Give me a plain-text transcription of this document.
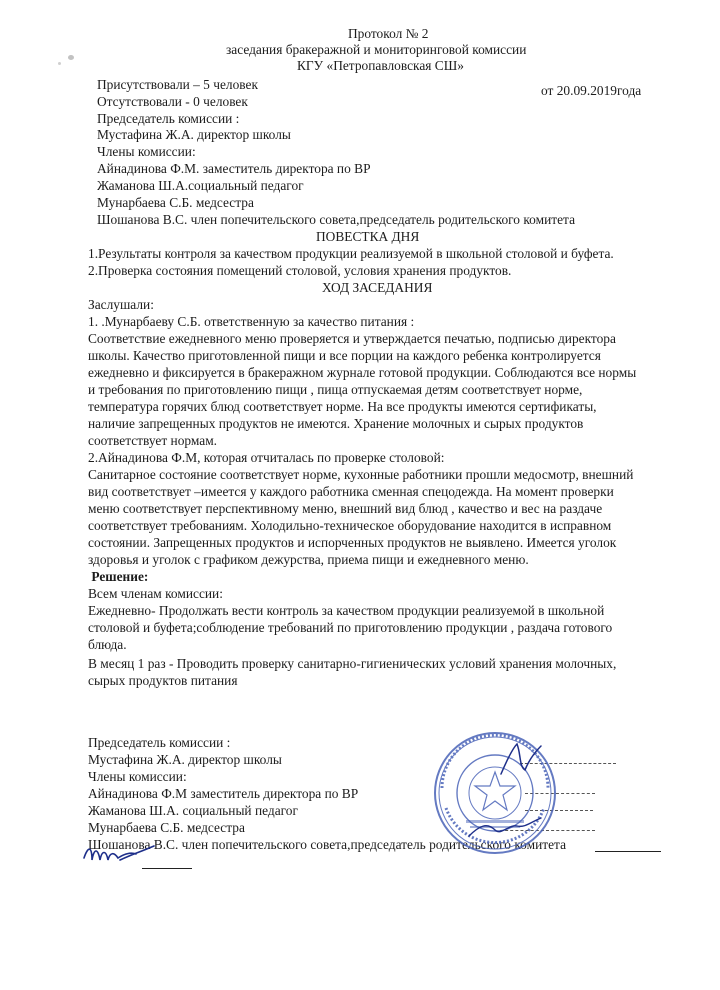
Протокол № 2
заседания бракеражной и мониторинговой комиссии
КГУ «Петропавловская СШ»
Присутствовали – 5 человек	от 20.09.2019года
Отсутствовали - 0 человек
Председатель комиссии :
Мустафина Ж.А. директор школы
Члены комиссии:
Айнадинова Ф.М. заместитель директора по ВР
Жаманова Ш.А.социальный педагог
Мунарбаева С.Б. медсестра
Шошанова В.С. член попечительского совета,председатель родительского комитета
ПОВЕСТКА ДНЯ
1.Результаты контроля за качеством продукции реализуемой в школьной столовой и буфета.
2.Проверка состояния помещений столовой, условия хранения продуктов.
ХОД ЗАСЕДАНИЯ
Заслушали:
1. .Мунарбаеву С.Б. ответственную за качество питания :
Соответствие ежедневного меню проверяется и утверждается печатью, подписью директора
школы. Качество приготовленной пищи и все порции на каждого ребенка контролируется
ежедневно и фиксируется в бракеражном журнале готовой продукции. Соблюдаются все нормы
и требования по приготовлению пищи , пища отпускаемая детям соответствует норме,
температура горячих блюд соответствует норме. На все продукты имеются сертификаты,
наличие запрещенных продуктов не имеются. Хранение молочных и сырых продуктов
соответствует нормам.
2.Айнадинова Ф.М, которая отчиталась по проверке столовой:
Санитарное состояние соответствует норме, кухонные работники прошли медосмотр, внешний
вид соответствует –имеется у каждого работника сменная спецодежда. На момент проверки
меню соответствует перспективному меню, внешний вид блюд , качество и вес на раздаче
соответствует требованиям. Холодильно-техническое оборудование находится в исправном
состоянии. Запрещенных продуктов и испорченных продуктов не выявлено. Имеется уголок
здоровья и уголок с графиком дежурства, приема пищи и ежедневного меню.
Решение:
Всем членам комиссии:
Ежедневно- Продолжать вести контроль за качеством продукции реализуемой в школьной
столовой и буфета;соблюдение требований по приготовлению продукции , раздача готового
блюда.
В месяц 1 раз - Проводить проверку санитарно-гигиенических условий хранения молочных,
сырых продуктов питания
Председатель комиссии :
Мустафина Ж.А. директор школы
Члены комиссии:
Айнадинова Ф.М заместитель директора по ВР
Жаманова Ш.А. социальный педагог
Мунарбаева С.Б. медсестра
Шошанова В.С. член попечительского совета,председатель родительского комитета
